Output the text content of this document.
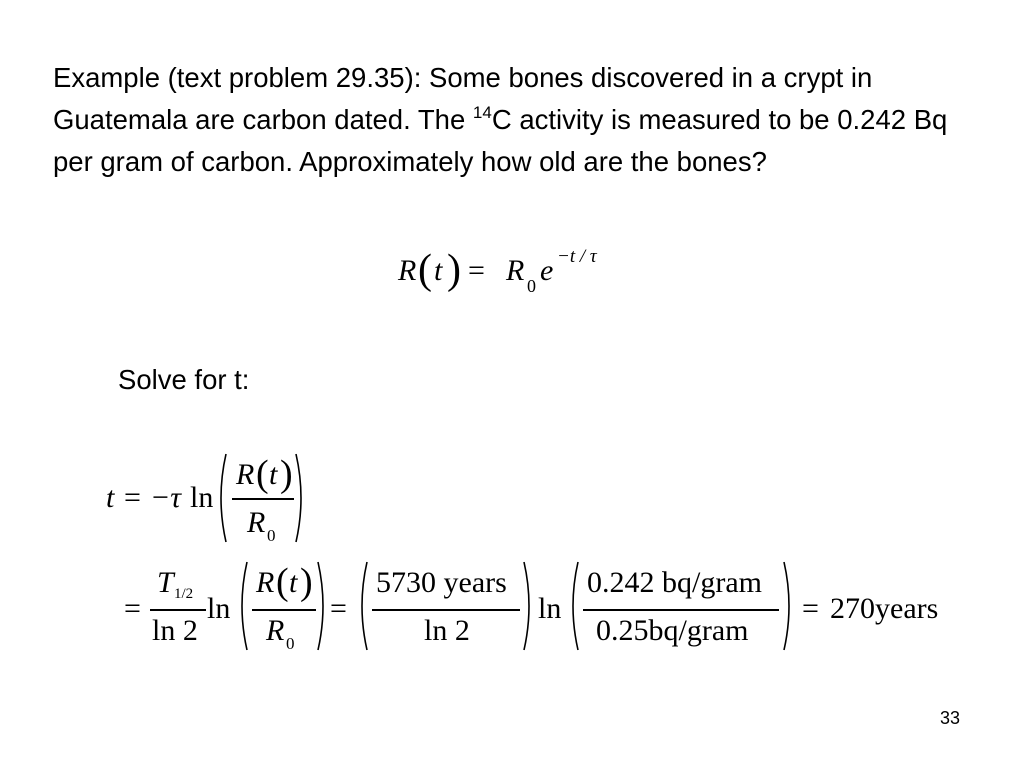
Example (text problem 29.35): Some bones discovered in a crypt in Guatemala are carbon dated. The $^{14}$C activity is measured to be 0.242 Bq per gram of carbon. Approximately how old are the bones?
R ( t ) = R 0 e −t / τ
Solve for t:
t = −τ ln
R ( t )
R 0
=
T 1/2
ln 2
ln
R ( t )
R 0
=
5730 years
ln 2
ln
0.242 bq/gram
0.25bq/gram
= 270years
33
